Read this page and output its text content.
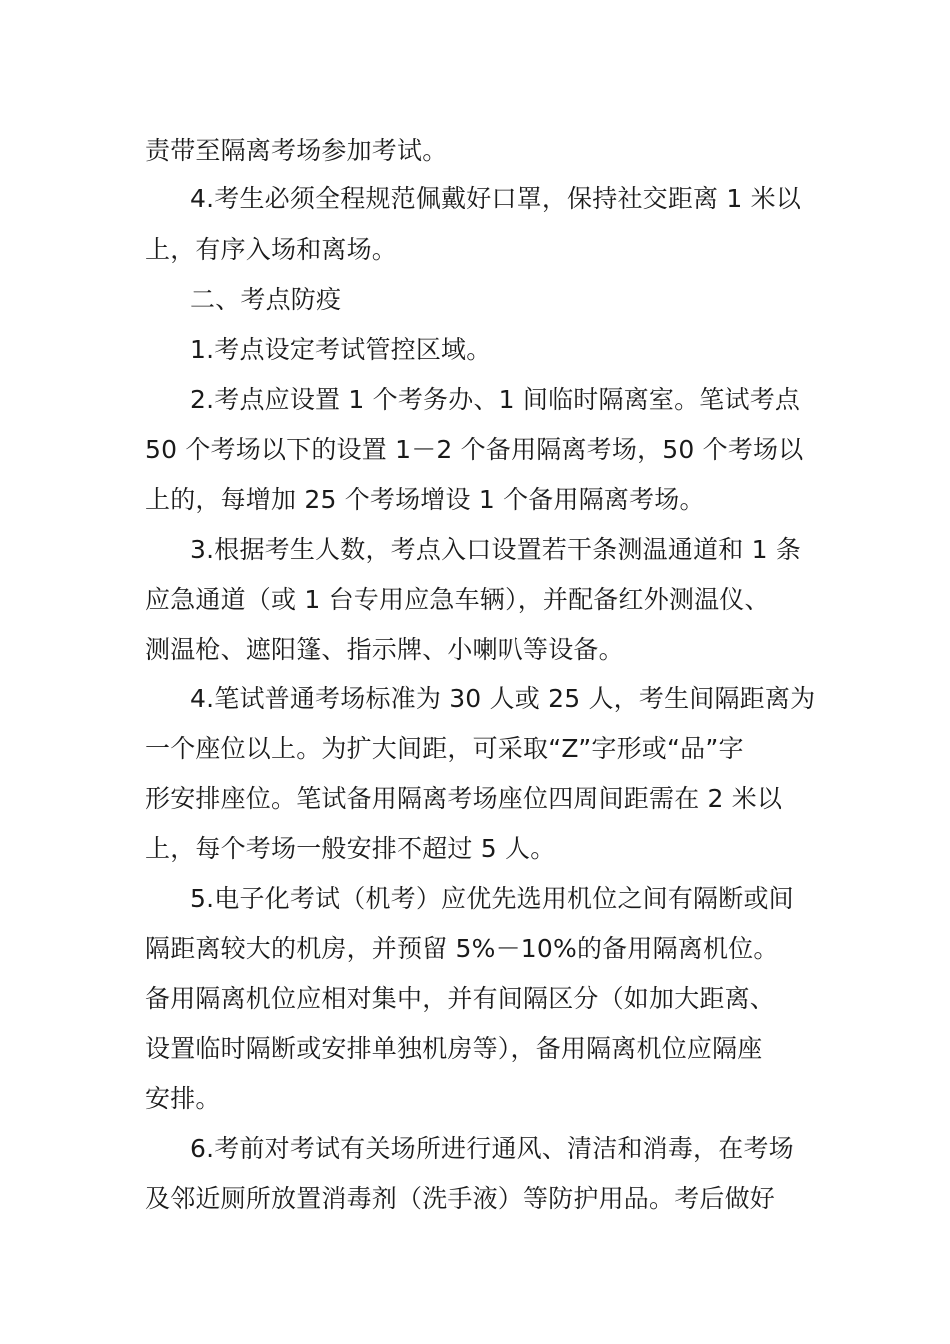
责带至隔离考场参加考试。
4.考生必须全程规范佩戴好口罩，保持社交距离 1 米以
上，有序入场和离场。
二、考点防疫
1.考点设定考试管控区域。
2.考点应设置 1 个考务办、1 间临时隔离室。笔试考点
50 个考场以下的设置 1－2 个备用隔离考场，50 个考场以
上的，每增加 25 个考场增设 1 个备用隔离考场。
3.根据考生人数，考点入口设置若干条测温通道和 1 条
应急通道（或 1 台专用应急车辆），并配备红外测温仪、
测温枪、遮阳篷、指示牌、小喇叭等设备。
4.笔试普通考场标准为 30 人或 25 人，考生间隔距离为
一个座位以上。为扩大间距，可采取“Z”字形或“品”字
形安排座位。笔试备用隔离考场座位四周间距需在 2 米以
上，每个考场一般安排不超过 5 人。
5.电子化考试（机考）应优先选用机位之间有隔断或间
隔距离较大的机房，并预留 5%－10%的备用隔离机位。
备用隔离机位应相对集中，并有间隔区分（如加大距离、
设置临时隔断或安排单独机房等），备用隔离机位应隔座
安排。
6.考前对考试有关场所进行通风、清洁和消毒，在考场
及邻近厕所放置消毒剂（洗手液）等防护用品。考后做好
